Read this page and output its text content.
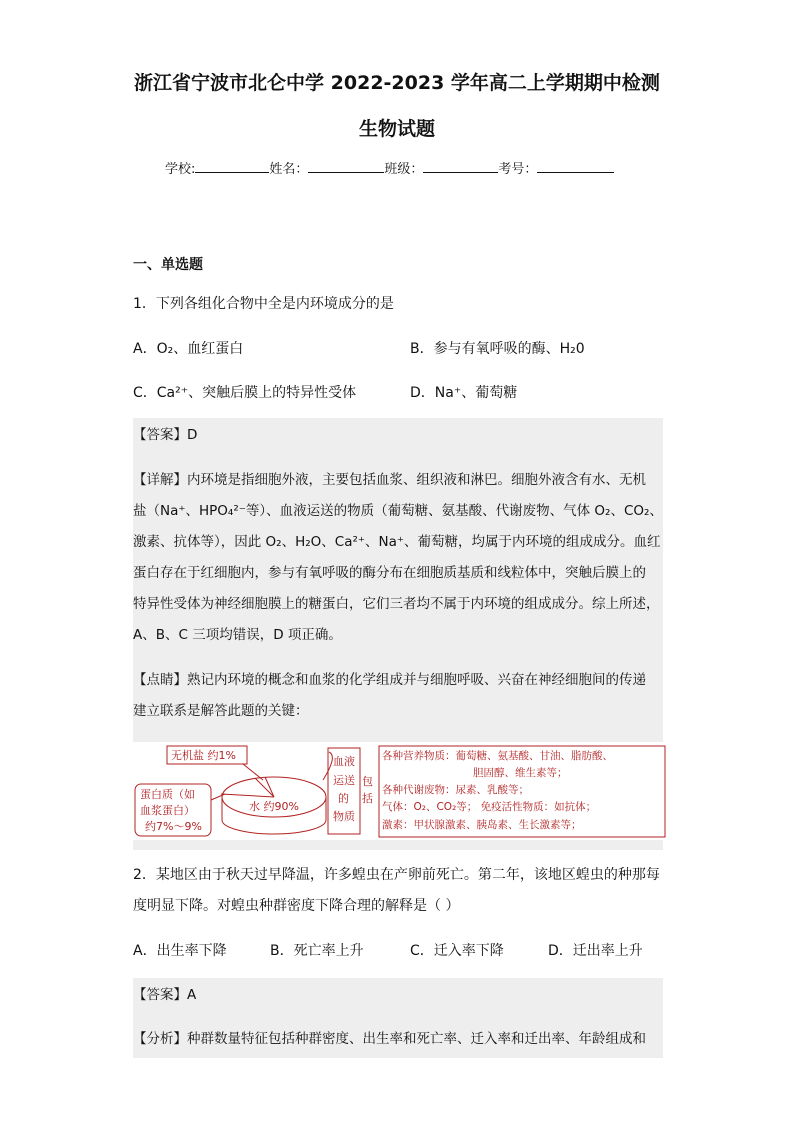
浙江省宁波市北仑中学 2022-2023 学年高二上学期期中检测
生物试题
学校:	姓名：	班级：	考号：
一、单选题
1．下列各组化合物中全是内环境成分的是
A．O₂、血红蛋白	B．参与有氧呼吸的酶、H₂0
C．Ca²⁺、突触后膜上的特异性受体	D．Na⁺、葡萄糖
【答案】D
【详解】内环境是指细胞外液，主要包括血浆、组织液和淋巴。细胞外液含有水、无机
盐（Na⁺、HPO₄²⁻等）、血液运送的物质（葡萄糖、氨基酸、代谢废物、气体 O₂、CO₂、
激素、抗体等），因此 O₂、H₂O、Ca²⁺、Na⁺、葡萄糖，均属于内环境的组成成分。血红
蛋白存在于红细胞内，参与有氧呼吸的酶分布在细胞质基质和线粒体中，突触后膜上的
特异性受体为神经细胞膜上的糖蛋白，它们三者均不属于内环境的组成成分。综上所述，
A、B、C 三项均错误，D 项正确。
【点睛】熟记内环境的概念和血浆的化学组成并与细胞呼吸、兴奋在神经细胞间的传递
建立联系是解答此题的关键：
无机盐 约1%
蛋白质（如
血浆蛋白）
约7%～9%
水 约90%
血液
运送
的
物质
包
括
各种营养物质：葡萄糖、氨基酸、甘油、脂肪酸、
胆固醇、维生素等；
各种代谢废物：尿素、乳酸等；
气体：O₂、CO₂等； 免疫活性物质：如抗体；
激素：甲状腺激素、胰岛素、生长激素等；
2．某地区由于秋天过早降温，许多蝗虫在产卵前死亡。第二年，该地区蝗虫的种那每
度明显下降。对蝗虫种群密度下降合理的解释是（ ）
A．出生率下降	B．死亡率上升	C．迁入率下降	D．迁出率上升
【答案】A
【分析】种群数量特征包括种群密度、出生率和死亡率、迁入率和迁出率、年龄组成和
